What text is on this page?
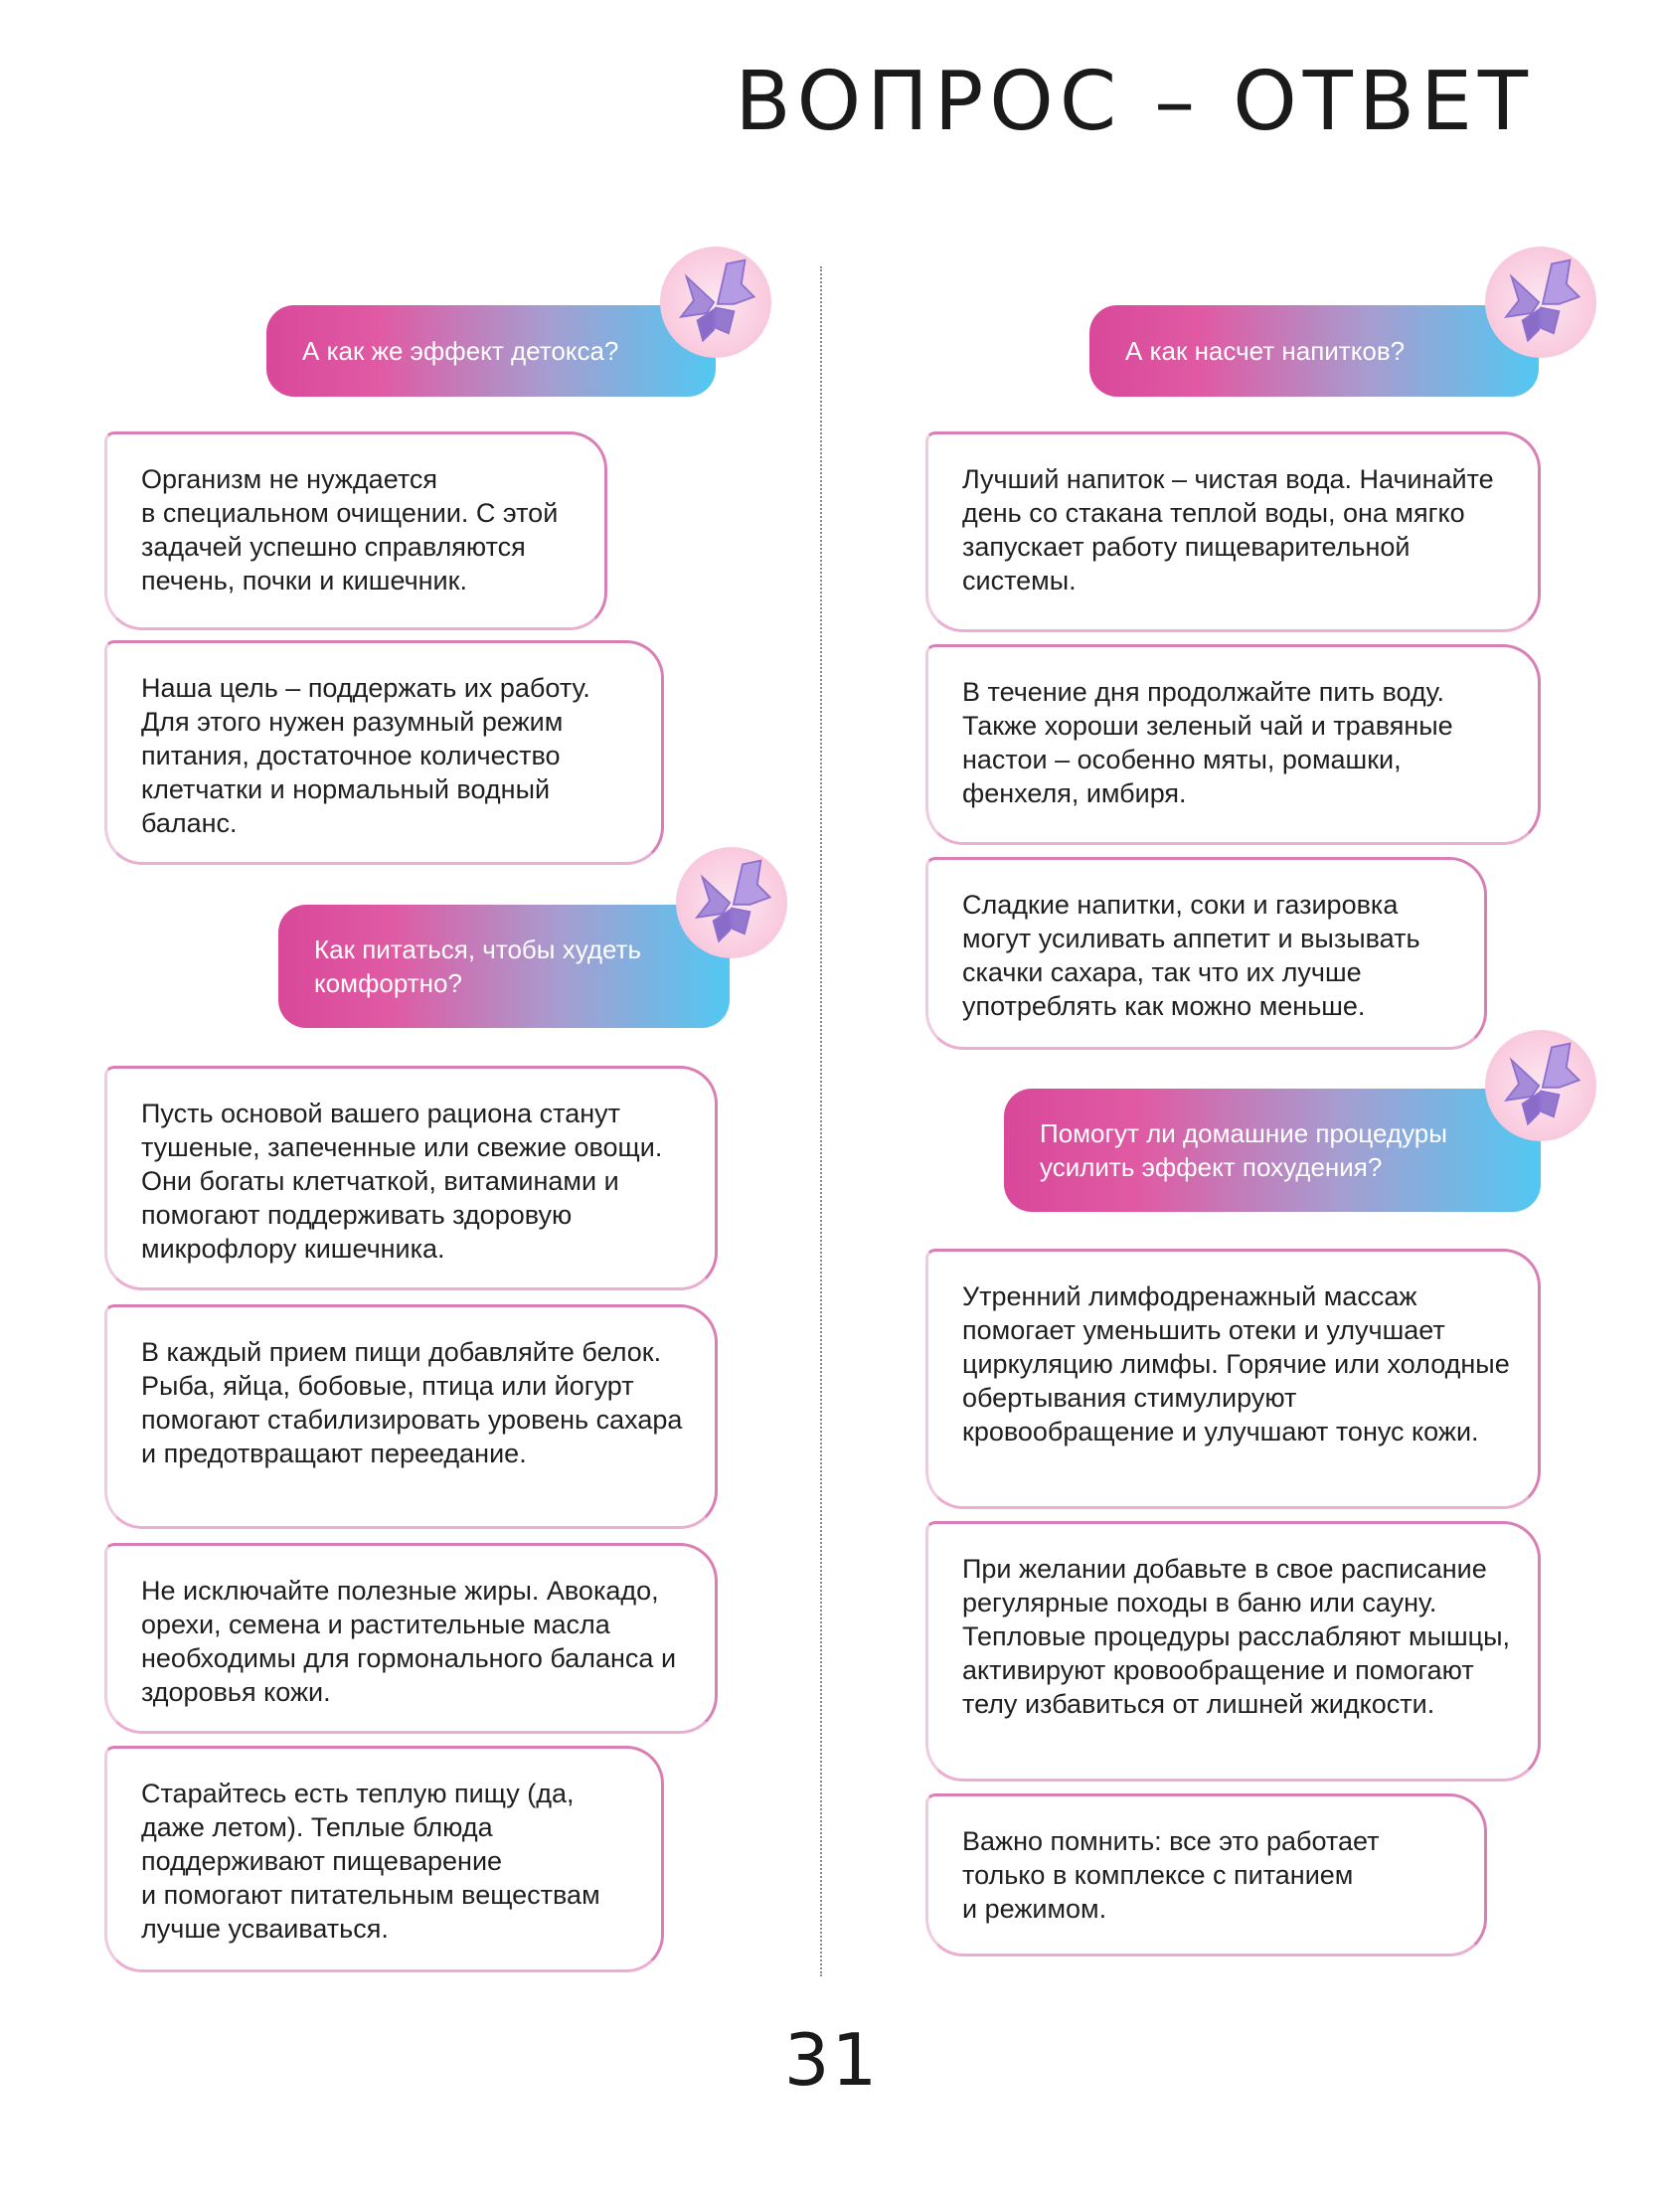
ВОПРОС – ОТВЕТ
А как же эффект детокса?
Организм не нуждается
в специальном очищении. С этой задачей успешно справляются печень, почки и кишечник.
Наша цель – поддержать их работу. Для этого нужен разумный режим питания, достаточное количество клетчатки и нормальный водный баланс.
Как питаться, чтобы худеть комфортно?
Пусть основой вашего рациона станут тушеные, запеченные или свежие овощи. Они богаты клетчаткой, витаминами и помогают поддерживать здоровую микрофлору кишечника.
В каждый прием пищи добавляйте белок. Рыба, яйца, бобовые, птица или йогурт помогают стабилизировать уровень сахара и предотвращают переедание.
Не исключайте полезные жиры. Авокадо, орехи, семена и растительные масла необходимы для гормонального баланса и здоровья кожи.
Старайтесь есть теплую пищу (да, даже летом). Теплые блюда поддерживают пищеварение
и помогают питательным веществам лучше усваиваться.
А как насчет напитков?
Лучший напиток – чистая вода. Начинайте день со стакана теплой воды, она мягко запускает работу пищеварительной системы.
В течение дня продолжайте пить воду. Также хороши зеленый чай и травяные настои – особенно мяты, ромашки, фенхеля, имбиря.
Сладкие напитки, соки и газировка могут усиливать аппетит и вызывать скачки сахара, так что их лучше употреблять как можно меньше.
Помогут ли домашние процедуры усилить эффект похудения?
Утренний лимфодренажный массаж помогает уменьшить отеки и улучшает циркуляцию лимфы. Горячие или холодные обертывания стимулируют кровообращение и улучшают тонус кожи.
При желании добавьте в свое расписание регулярные походы в баню или сауну. Тепловые процедуры расслабляют мышцы, активируют кровообращение и помогают телу избавиться от лишней жидкости.
Важно помнить: все это работает только в комплексе с питанием
и режимом.
31
